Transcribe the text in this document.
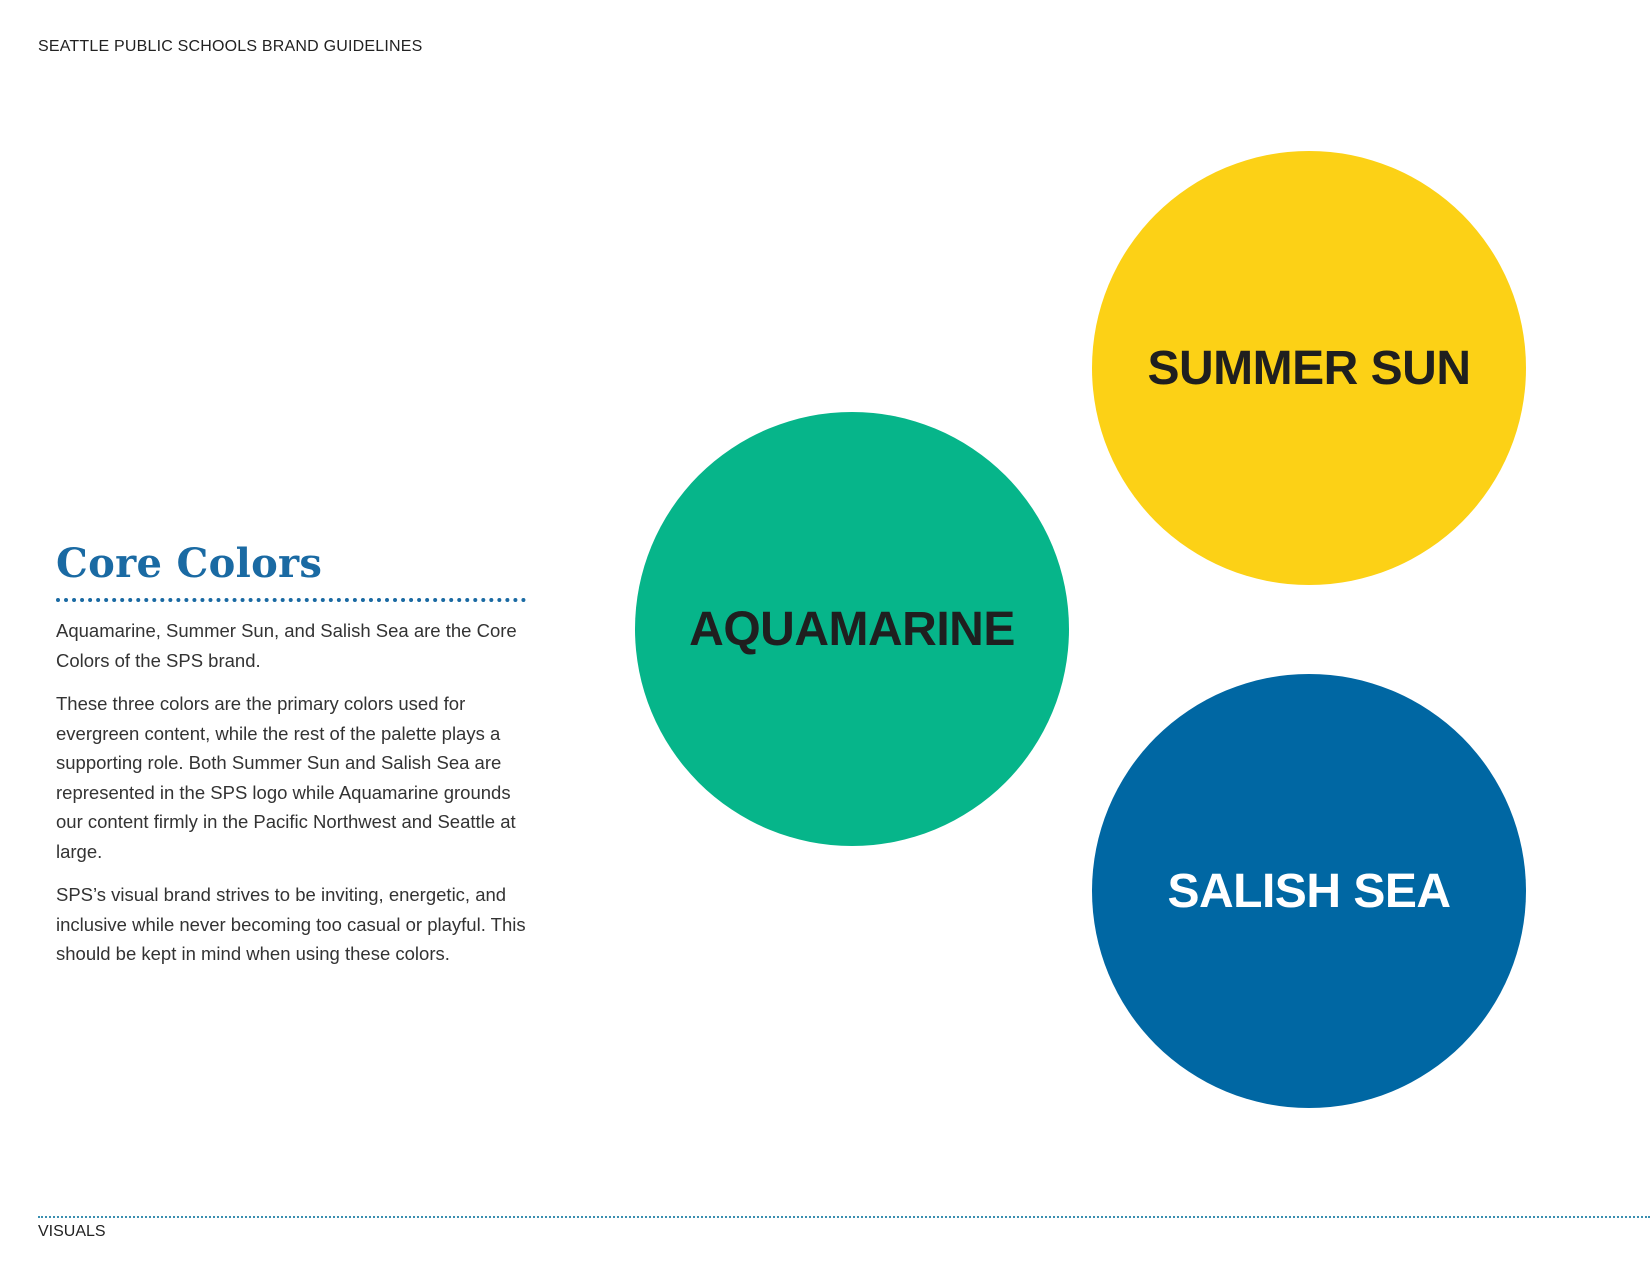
SEATTLE PUBLIC SCHOOLS BRAND GUIDELINES
Core Colors

Aquamarine, Summer Sun, and Salish Sea are the Core Colors of the SPS brand.

These three colors are the primary colors used for evergreen content, while the rest of the palette plays a supporting role. Both Summer Sun and Salish Sea are represented in the SPS logo while Aquamarine grounds our content firmly in the Pacific Northwest and Seattle at large.

SPS’s visual brand strives to be inviting, energetic, and inclusive while never becoming too casual or playful. This should be kept in mind when using these colors.

SUMMER SUN
AQUAMARINE
SALISH SEA
VISUALS
